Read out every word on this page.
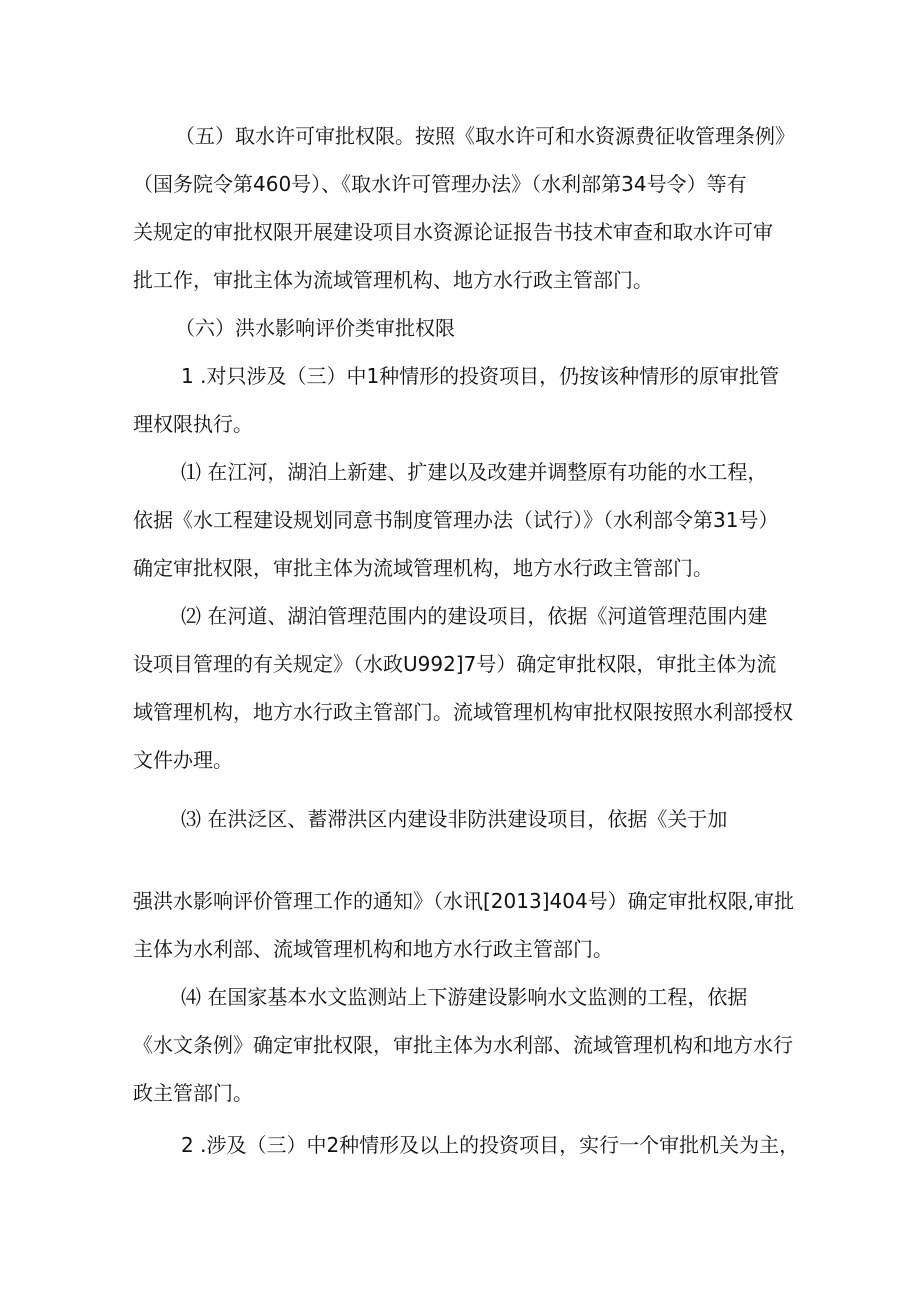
（五）取水许可审批权限。按照《取水许可和水资源费征收管理条例》
（国务院令第460号）、《取水许可管理办法》（水利部第34号令）等有
关规定的审批权限开展建设项目水资源论证报告书技术审查和取水许可审
批工作，审批主体为流域管理机构、地方水行政主管部门。
（六）洪水影响评价类审批权限
1 .对只涉及（三）中1种情形的投资项目，仍按该种情形的原审批管
理权限执行。
⑴ 在江河，湖泊上新建、扩建以及改建并调整原有功能的水工程，
依据《水工程建设规划同意书制度管理办法（试行）》（水利部令第31号）
确定审批权限，审批主体为流域管理机构，地方水行政主管部门。
⑵ 在河道、湖泊管理范围内的建设项目，依据《河道管理范围内建
设项目管理的有关规定》（水政U992]7号）确定审批权限，审批主体为流
域管理机构，地方水行政主管部门。流域管理机构审批权限按照水利部授权
文件办理。
⑶ 在洪泛区、蓄滞洪区内建设非防洪建设项目，依据《关于加
强洪水影响评价管理工作的通知》（水讯[2013]404号）确定审批权限,审批
主体为水利部、流域管理机构和地方水行政主管部门。
⑷ 在国家基本水文监测站上下游建设影响水文监测的工程，依据
《水文条例》确定审批权限，审批主体为水利部、流域管理机构和地方水行
政主管部门。
2 .涉及（三）中2种情形及以上的投资项目，实行一个审批机关为主，
